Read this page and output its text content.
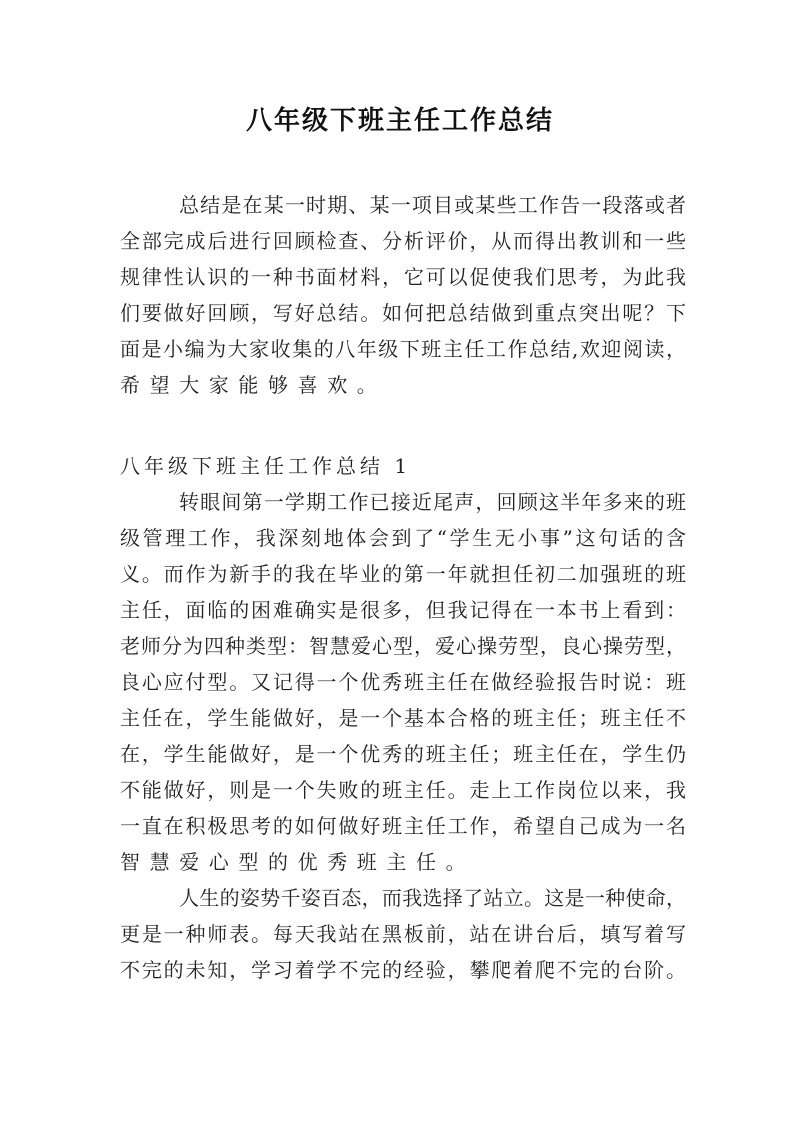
八年级下班主任工作总结
总结是在某一时期、某一项目或某些工作告一段落或者
全部完成后进行回顾检查、分析评价，从而得出教训和一些
规律性认识的一种书面材料，它可以促使我们思考，为此我
们要做好回顾，写好总结。如何把总结做到重点突出呢？下
面是小编为大家收集的八年级下班主任工作总结,欢迎阅读，
希望大家能够喜欢。
八年级下班主任工作总结 1
转眼间第一学期工作已接近尾声，回顾这半年多来的班
级管理工作，我深刻地体会到了“学生无小事”这句话的含
义。而作为新手的我在毕业的第一年就担任初二加强班的班
主任，面临的困难确实是很多，但我记得在一本书上看到：
老师分为四种类型：智慧爱心型，爱心操劳型，良心操劳型，
良心应付型。又记得一个优秀班主任在做经验报告时说：班
主任在，学生能做好，是一个基本合格的班主任；班主任不
在，学生能做好，是一个优秀的班主任；班主任在，学生仍
不能做好，则是一个失败的班主任。走上工作岗位以来，我
一直在积极思考的如何做好班主任工作，希望自己成为一名
智慧爱心型的优秀班主任。
人生的姿势千姿百态，而我选择了站立。这是一种使命，
更是一种师表。每天我站在黑板前，站在讲台后，填写着写
不完的未知，学习着学不完的经验，攀爬着爬不完的台阶。
